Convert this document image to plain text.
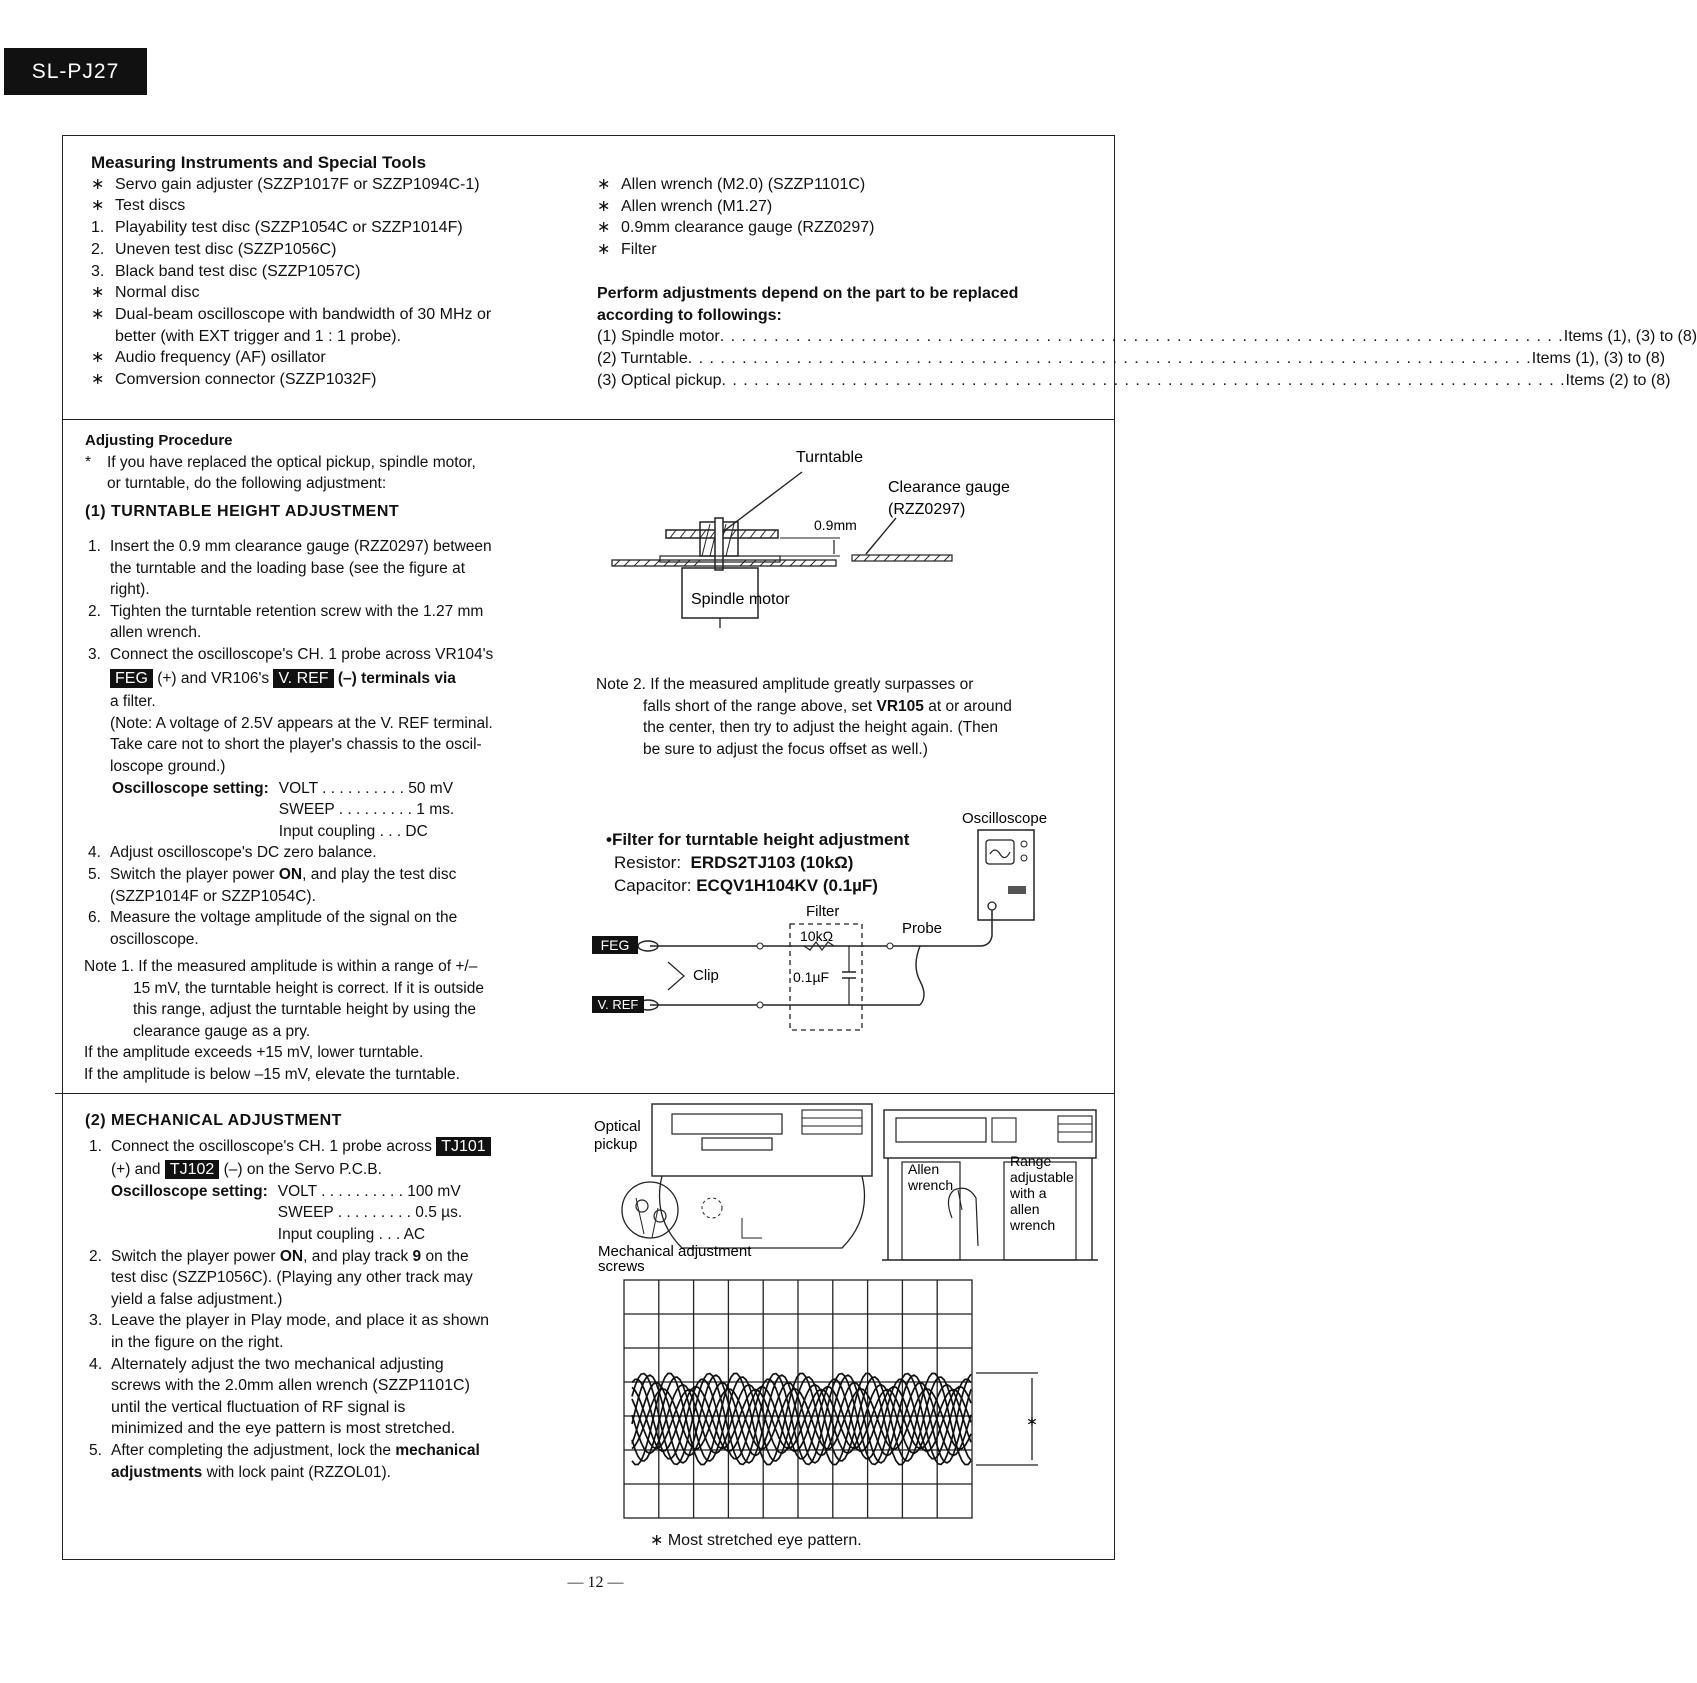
SL-PJ27
Measuring Instruments and Special Tools
∗ Servo gain adjuster (SZZP1017F or SZZP1094C-1)
∗ Test discs
1. Playability test disc (SZZP1054C or SZZP1014F)
2. Uneven test disc (SZZP1056C)
3. Black band test disc (SZZP1057C)
∗ Normal disc
∗ Dual-beam oscilloscope with bandwidth of 30 MHz or
better (with EXT trigger and 1 : 1 probe).
∗ Audio frequency (AF) osillator
∗ Comversion connector (SZZP1032F)
∗ Allen wrench (M2.0) (SZZP1101C)
∗ Allen wrench (M1.27)
∗ 0.9mm clearance gauge (RZZ0297)
∗ Filter
Perform adjustments depend on the part to be replaced
according to followings:
(1) Spindle motor . . .	Items (1), (3) to (8)
(2) Turntable . . .	Items (1), (3) to (8)
(3) Optical pickup . . .	Items (2) to (8)
Adjusting Procedure
*	If you have replaced the optical pickup, spindle motor,
or turntable, do the following adjustment:
(1) TURNTABLE HEIGHT ADJUSTMENT
1. Insert the 0.9 mm clearance gauge (RZZ0297) between
the turntable and the loading base (see the figure at
right).
2. Tighten the turntable retention screw with the 1.27 mm
allen wrench.
3. Connect the oscilloscope's CH. 1 probe across VR104's
FEG (+) and VR106's V. REF (–) terminals via
a filter.
(Note: A voltage of 2.5V appears at the V. REF terminal.
Take care not to short the player's chassis to the oscil-
loscope ground.)
Oscilloscope setting:	VOLT . . . . . . . . . . 50 mV
	SWEEP . . . . . . . . . 1 ms.
	Input coupling . . . DC
4. Adjust oscilloscope's DC zero balance.
5. Switch the player power ON, and play the test disc
(SZZP1014F or SZZP1054C).
6. Measure the voltage amplitude of the signal on the
oscilloscope.
Note 1. If the measured amplitude is within a range of +/–
15 mV, the turntable height is correct. If it is outside
this range, adjust the turntable height by using the
clearance gauge as a pry.
If the amplitude exceeds +15 mV, lower turntable.
If the amplitude is below –15 mV, elevate the turntable.
Note 2. If the measured amplitude greatly surpasses or
falls short of the range above, set VR105 at or around
the center, then try to adjust the height again. (Then
be sure to adjust the focus offset as well.)
(2) MECHANICAL ADJUSTMENT
1. Connect the oscilloscope's CH. 1 probe across TJ101
(+) and TJ102 (–) on the Servo P.C.B.
Oscilloscope setting:	VOLT . . . . . . . . . . 100 mV
	SWEEP . . . . . . . . . 0.5 µs.
	Input coupling . . . AC
2. Switch the player power ON, and play track 9 on the
test disc (SZZP1056C). (Playing any other track may
yield a false adjustment.)
3. Leave the player in Play mode, and place it as shown
in the figure on the right.
4. Alternately adjust the two mechanical adjusting
screws with the 2.0mm allen wrench (SZZP1101C)
until the vertical fluctuation of RF signal is
minimized and the eye pattern is most stretched.
5. After completing the adjustment, lock the mechanical
adjustments with lock paint (RZZOL01).
Turntable
Clearance gauge
(RZZ0297)
0.9mm
Spindle motor
•Filter for turntable height adjustment
Resistor: ERDS2TJ103 (10kΩ)
Capacitor: ECQV1H104KV (0.1µF)
Oscilloscope
Probe
Filter
10kΩ
0.1µF
Clip
FEG
V. REF
Optical
pickup
Mechanical adjustment
screws
Allen
wrench
Range
adjustable
with a
allen
wrench
∗
∗ Most stretched eye pattern.
— 12 —
